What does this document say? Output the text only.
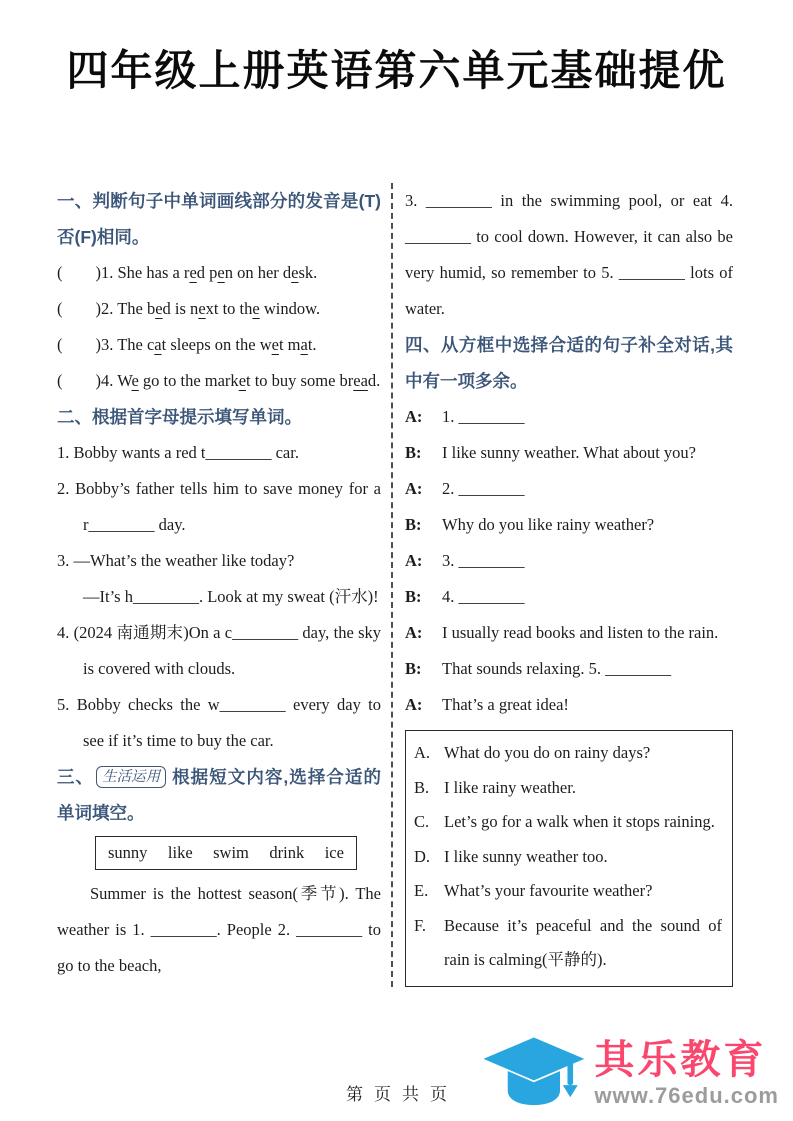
四年级上册英语第六单元基础提优

一、判断句子中单词画线部分的发音是(T)否(F)相同。

(        )1. She has a red pen on her desk.

(        )2. The bed is next to the window.

(        )3. The cat sleeps on the wet mat.

(        )4. We go to the market to buy some bread.

二、根据首字母提示填写单词。

1. Bobby wants a red t________ car.

2. Bobby’s father tells him to save money for a r________ day.

3. —What’s the weather like today?

—It’s h________. Look at my sweat (汗水)!

4. (2024 南通期末)On a c________ day, the sky is covered with clouds.

5. Bobby checks the w________ every day to see if it’s time to buy the car.

三、 生活运用 根据短文内容,选择合适的单词填空。

sunny like swim drink ice

Summer is the hottest season(季节). The weather is 1. ________. People 2. ________ to go to the beach,

3. ________ in the swimming pool, or eat 4. ________ to cool down. However, it can also be very humid, so remember to 5. ________ lots of water.

四、从方框中选择合适的句子补全对话,其中有一项多余。

A: 1. ________

B: I like sunny weather. What about you?

A: 2. ________

B: Why do you like rainy weather?

A: 3. ________

B: 4. ________

A: I usually read books and listen to the rain.

B: That sounds relaxing. 5. ________

A: That’s a great idea!

A. What do you do on rainy days?

B. I like rainy weather.

C. Let’s go for a walk when it stops raining.

D. I like sunny weather too.

E. What’s your favourite weather?

F. Because it’s peaceful and the sound of rain is calming(平静的).

第页共页
其乐教育
www.76edu.com
